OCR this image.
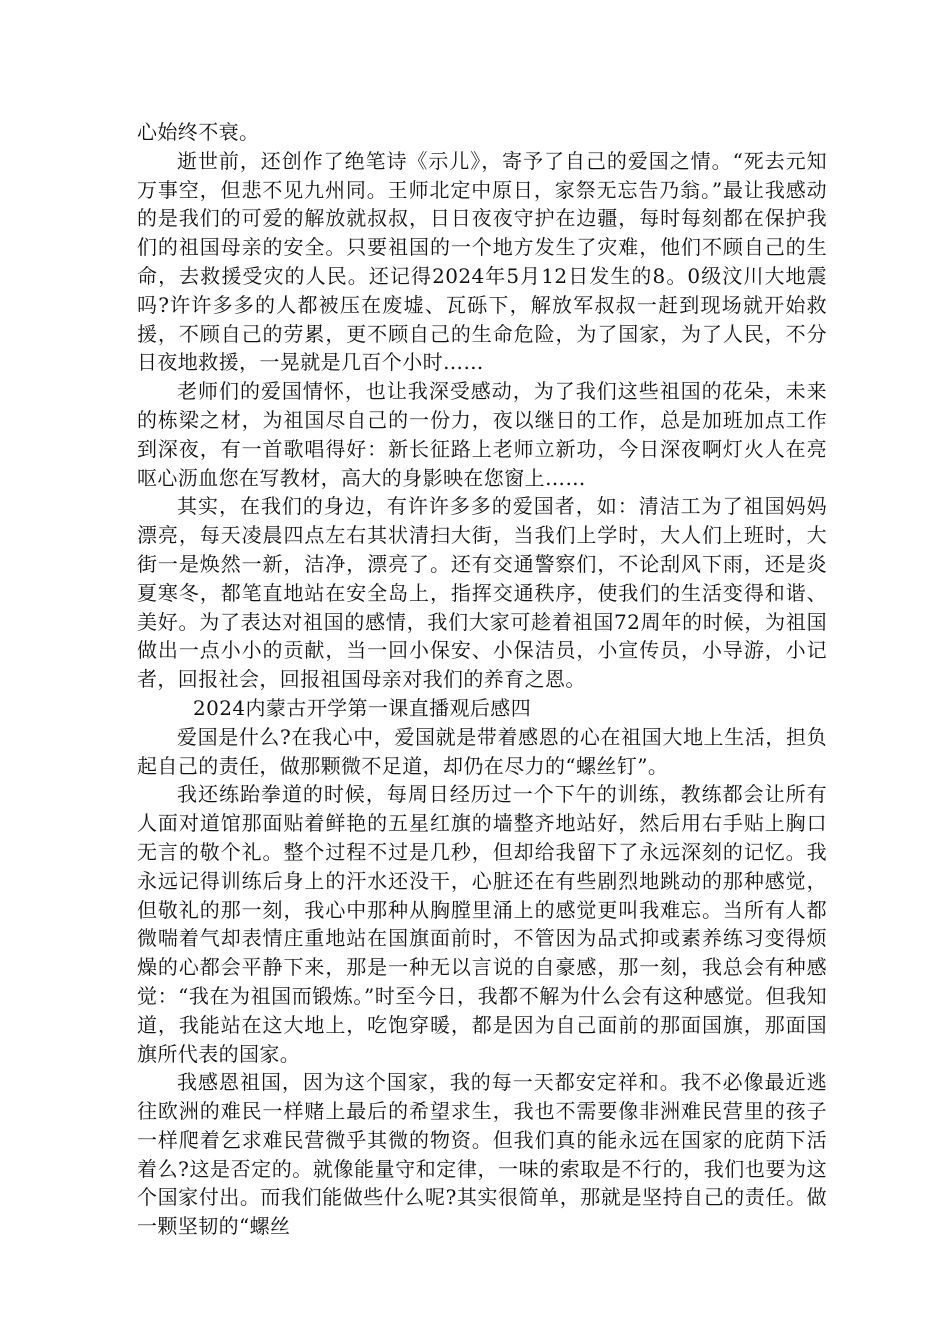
心始终不衰。

逝世前，还创作了绝笔诗《示儿》，寄予了自己的爱国之情。“死去元知万事空，但悲不见九州同。王师北定中原日，家祭无忘告乃翁。”最让我感动的是我们的可爱的解放就叔叔，日日夜夜守护在边疆，每时每刻都在保护我们的祖国母亲的安全。只要祖国的一个地方发生了灾难，他们不顾自己的生命，去救援受灾的人民。还记得2024年5月12日发生的8。0级汶川大地震吗?许许多多的人都被压在废墟、瓦砾下，解放军叔叔一赶到现场就开始救援，不顾自己的劳累，更不顾自己的生命危险，为了国家，为了人民，不分日夜地救援，一晃就是几百个小时……

老师们的爱国情怀，也让我深受感动，为了我们这些祖国的花朵，未来的栋梁之材，为祖国尽自己的一份力，夜以继日的工作，总是加班加点工作到深夜，有一首歌唱得好：新长征路上老师立新功，今日深夜啊灯火人在亮呕心沥血您在写教材，高大的身影映在您窗上……

其实，在我们的身边，有许许多多的爱国者，如：清洁工为了祖国妈妈漂亮，每天凌晨四点左右其状清扫大街，当我们上学时，大人们上班时，大街一是焕然一新，洁净，漂亮了。还有交通警察们，不论刮风下雨，还是炎夏寒冬，都笔直地站在安全岛上，指挥交通秩序，使我们的生活变得和谐、美好。为了表达对祖国的感情，我们大家可趁着祖国72周年的时候，为祖国做出一点小小的贡献，当一回小保安、小保洁员，小宣传员，小导游，小记者，回报社会，回报祖国母亲对我们的养育之恩。

2024内蒙古开学第一课直播观后感四

爱国是什么?在我心中，爱国就是带着感恩的心在祖国大地上生活，担负起自己的责任，做那颗微不足道，却仍在尽力的“螺丝钉”。

我还练跆拳道的时候，每周日经历过一个下午的训练，教练都会让所有人面对道馆那面贴着鲜艳的五星红旗的墙整齐地站好，然后用右手贴上胸口无言的敬个礼。整个过程不过是几秒，但却给我留下了永远深刻的记忆。我永远记得训练后身上的汗水还没干，心脏还在有些剧烈地跳动的那种感觉，但敬礼的那一刻，我心中那种从胸膛里涌上的感觉更叫我难忘。当所有人都微喘着气却表情庄重地站在国旗面前时，不管因为品式抑或素养练习变得烦燥的心都会平静下来，那是一种无以言说的自豪感，那一刻，我总会有种感觉：“我在为祖国而锻炼。”时至今日，我都不解为什么会有这种感觉。但我知道，我能站在这大地上，吃饱穿暖，都是因为自己面前的那面国旗，那面国旗所代表的国家。

我感恩祖国，因为这个国家，我的每一天都安定祥和。我不必像最近逃往欧洲的难民一样赌上最后的希望求生，我也不需要像非洲难民营里的孩子一样爬着乞求难民营微乎其微的物资。但我们真的能永远在国家的庇荫下活着么?这是否定的。就像能量守和定律，一味的索取是不行的，我们也要为这个国家付出。而我们能做些什么呢?其实很简单，那就是坚持自己的责任。做一颗坚韧的“螺丝
